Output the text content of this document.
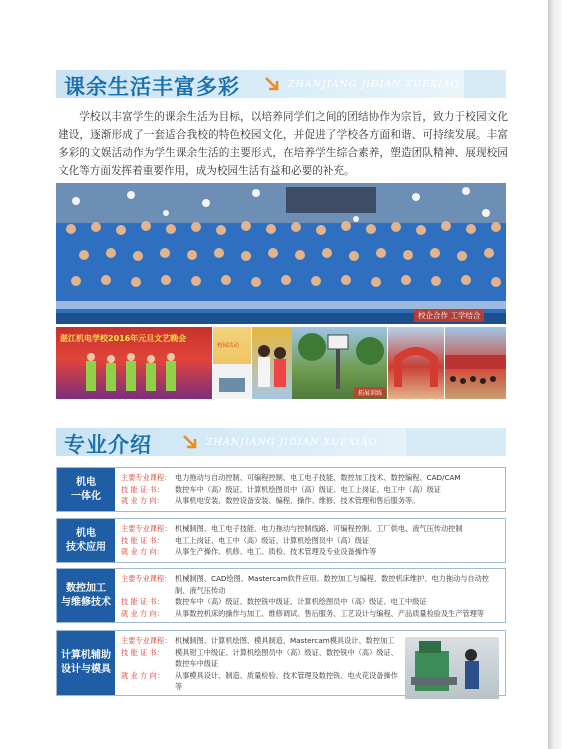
课余生活丰富多彩	ZHANJIANG JIDIAN XUEXIAO
学校以丰富学生的课余生活为目标，以培养同学们之间的团结协作为宗旨，致力于校园文化建设，逐渐形成了一套适合我校的特色校园文化，并促进了学校各方面和谐、可持续发展。丰富多彩的文娱活动作为学生课余生活的主要形式，在培养学生综合素养，塑造团队精神、展现校园文化等方面发挥着重要作用，成为校园生活有益和必要的补充。
校企合作 工学结合
湛江机电学校2016年元旦文艺晚会
校园活动
拓展训练
专业介绍	ZHANJIANG JIDIAN XUEXIAO
机电
一体化
主要专业课程： 电力拖动与自动控制、可编程控制、电工电子技能、数控加工技术、数控编程、CAD/CAM
技 能 证 书：	数控车中（高）级证、计算机绘图员中（高）级证、电工上岗证、电工中（高）级证
就 业 方 向：	从事机电安装、数控设备安装、编程、操作、维修、技术管理和售后服务等。
机电
技术应用
主要专业课程： 机械制图、电工电子技能、电力拖动与控制线路、可编程控制、工厂供电、液气压传动控制
技 能 证 书：	电工上岗证、电工中（高）级证、计算机绘图员中（高）级证
就 业 方 向：	从事生产操作、机修、电工、质检、技术管理及专业设备操作等
数控加工
与维修技术
主要专业课程： 机械制图、CAD绘图、Mastercam软件应用、数控加工与编程、数控机床维护、电力拖动与自动控制、液气压传动
技 能 证 书：	数控车中（高）级证、数控铣中级证、计算机绘图员中（高）级证、电工中级证
就 业 方 向：	从事数控机床的操作与加工、维修调试、售后服务、工艺设计与编程、产品质量检验及生产管理等
计算机辅助
设计与模具
主要专业课程： 机械制图、计算机绘图、模具制造、Mastercam模具设计、数控加工
技 能 证 书：	模具钳工中级证、计算机绘图员中（高）级证、数控铣中（高）级证、数控车中级证
就 业 方 向：	从事模具设计、制造、质量检验、技术管理及数控铣、电火花设备操作等
